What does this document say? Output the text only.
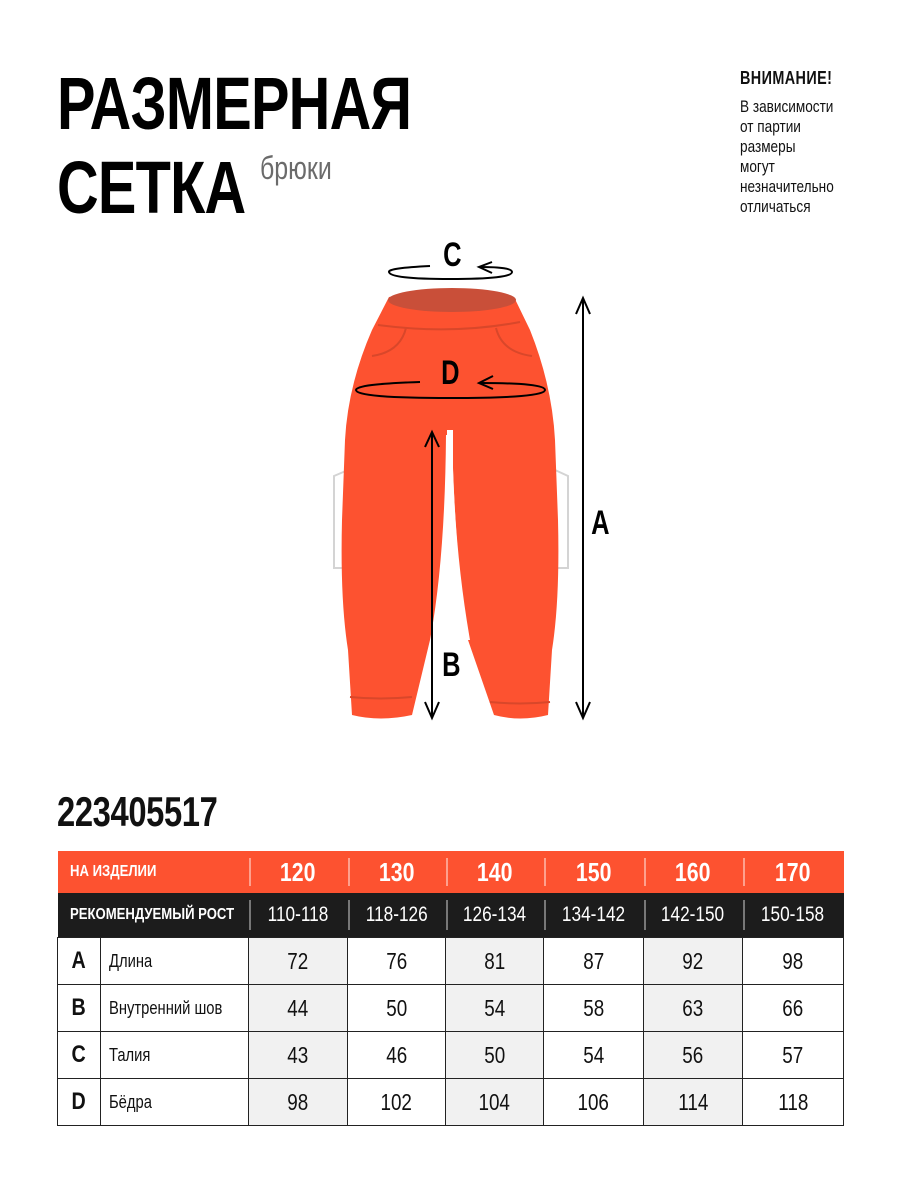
РАЗМЕРНАЯ
СЕТКА брюки
ВНИМАНИЕ!
В зависимости
от партии
размеры
могут
незначительно
отличаться
C
D
A
B
223405517
НА ИЗДЕЛИИ		120	130	140	150	160	170
РЕКОМЕНДУЕМЫЙ РОСТ		110-118	118-126	126-134	134-142	142-150	150-158
A	Длина	72	76	81	87	92	98
B	Внутренний шов	44	50	54	58	63	66
C	Талия	43	46	50	54	56	57
D	Бёдра	98	102	104	106	114	118
